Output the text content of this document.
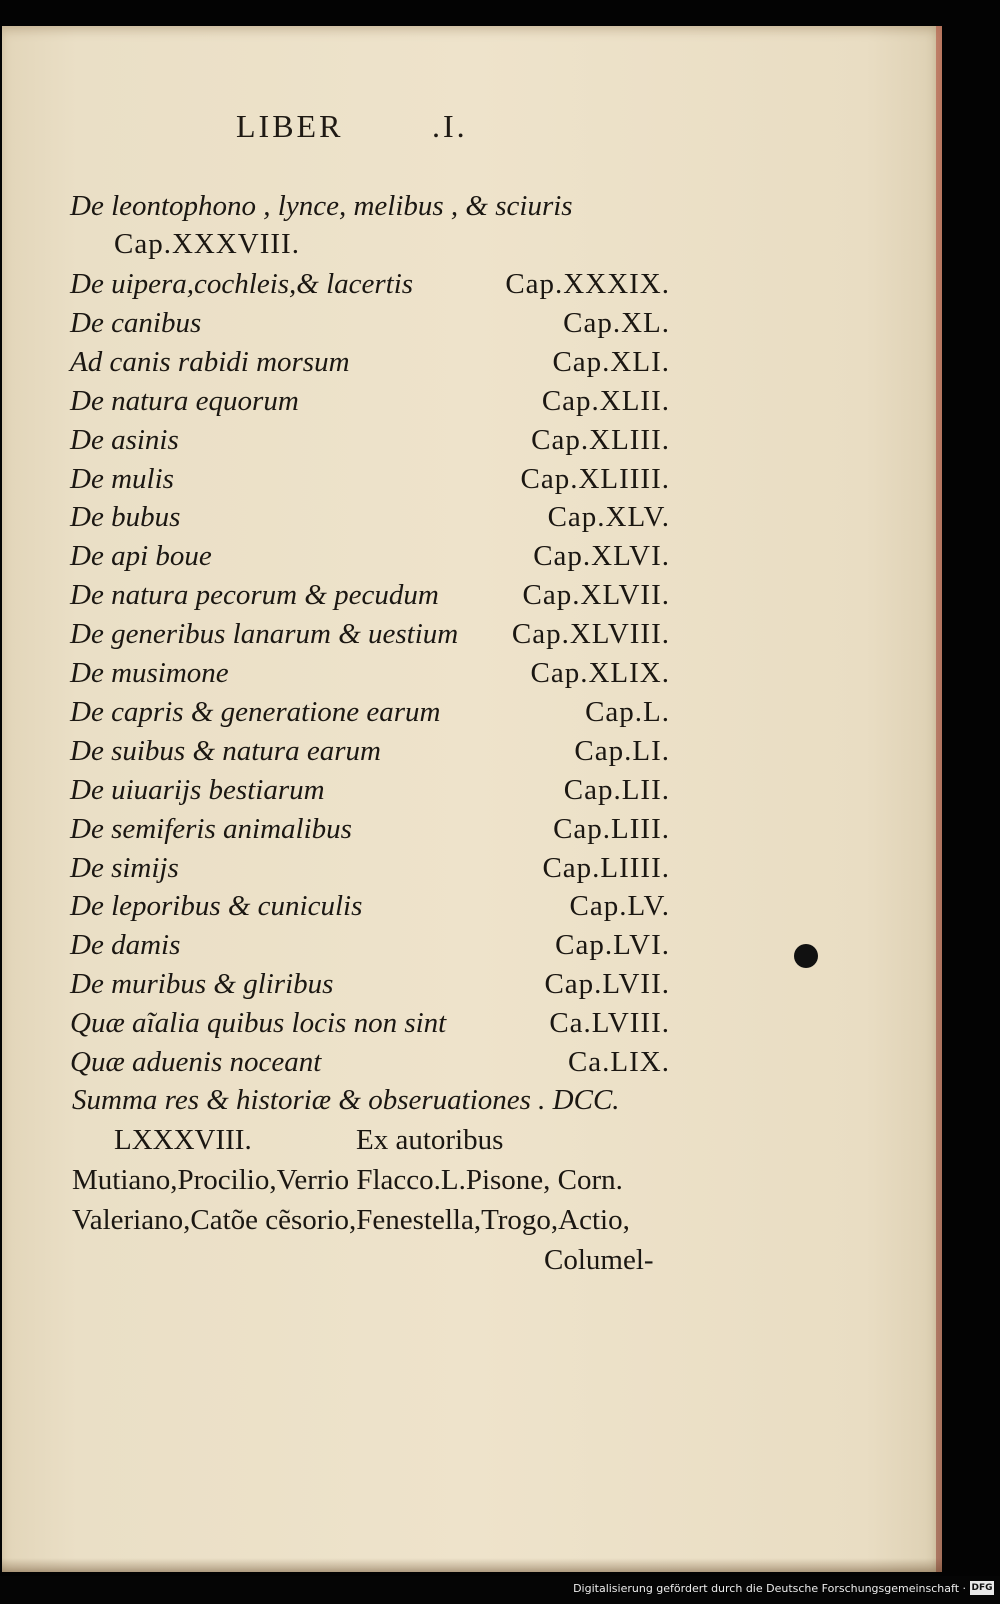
LIBER	.I.
De leontophono , lynce, melibus , & sciuris
Cap.XXXVIII.
De uipera,cochleis,& lacertis	Cap.XXXIX.
De canibus	Cap.XL.
Ad canis rabidi morsum	Cap.XLI.
De natura equorum	Cap.XLII.
De asinis	Cap.XLIII.
De mulis	Cap.XLIIII.
De bubus	Cap.XLV.
De api boue	Cap.XLVI.
De natura pecorum & pecudum	Cap.XLVII.
De generibus lanarum & uestium Cap.XLVIII.
De musimone	Cap.XLIX.
De capris & generatione earum	Cap.L.
De suibus & natura earum	Cap.LI.
De uiuarijs bestiarum	Cap.LII.
De semiferis animalibus	Cap.LIII.
De simijs	Cap.LIIII.
De leporibus & cuniculis	Cap.LV.
De damis	Cap.LVI.
De muribus & gliribus	Cap.LVII.
Quæ aĩalia quibus locis non sint	Ca.LVIII.
Quæ aduenis noceant	Ca.LIX.
Summa res & historiæ & obseruationes . DCC.
LXXXVIII.	Ex autoribus
Mutiano,Procilio,Verrio Flacco.L.Pisone, Corn.
Valeriano,Catõe cẽsorio,Fenestella,Trogo,Actio,
Columel-
Digitalisierung gefördert durch die Deutsche Forschungsgemeinschaft · DFG
